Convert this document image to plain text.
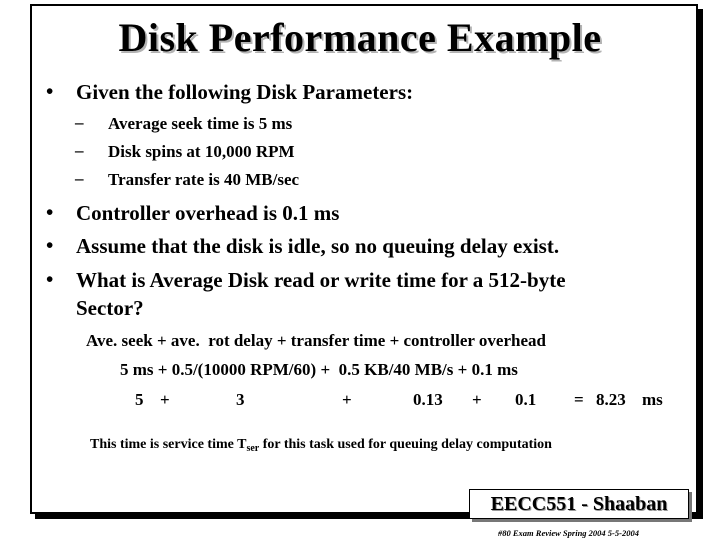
Disk Performance Example
• Given the following Disk Parameters:
– Average seek time is 5 ms
– Disk spins at 10,000 RPM
– Transfer rate is 40 MB/sec
• Controller overhead is 0.1 ms
• Assume that the disk is idle, so no queuing delay exist.
• What is Average Disk read or write time for a 512-byte
Sector?
Ave. seek + ave.  rot delay + transfer time + controller overhead
5 ms + 0.5/(10000 RPM/60) +  0.5 KB/40 MB/s + 0.1 ms
5 +	3	+	0.13 + 0.1 = 8.23 ms
This time is service time $T_{ser}$ for this task used for queuing delay computation
EECC551 - Shaaban
#80 Exam Review Spring 2004 5-5-2004
